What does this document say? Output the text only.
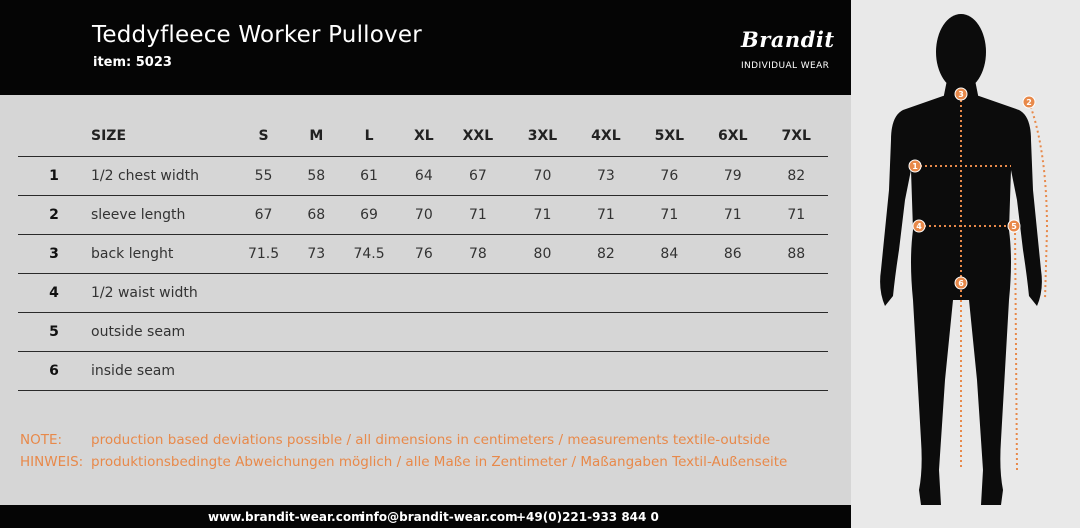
Teddyfleece Worker Pullover
item: 5023
Brandit
INDIVIDUAL WEAR
	SIZE	S	M	L	XL	XXL	3XL	4XL	5XL	6XL	7XL
1	1/2 chest width	55	58	61	64	67	70	73	76	79	82
2	sleeve length	67	68	69	70	71	71	71	71	71	71
3	back lenght	71.5	73	74.5	76	78	80	82	84	86	88
4	1/2 waist width										
5	outside seam										
6	inside seam										
NOTE: production based deviations possible / all dimensions in centimeters / measurements textile-outside
HINWEIS: produktionsbedingte Abweichungen möglich / alle Maße in Zentimeter / Maßangaben Textil-Außenseite
www.brandit-wear.com
info@brandit-wear.com
+49(0)221-933 844 0
1
2
3
4	5
6
